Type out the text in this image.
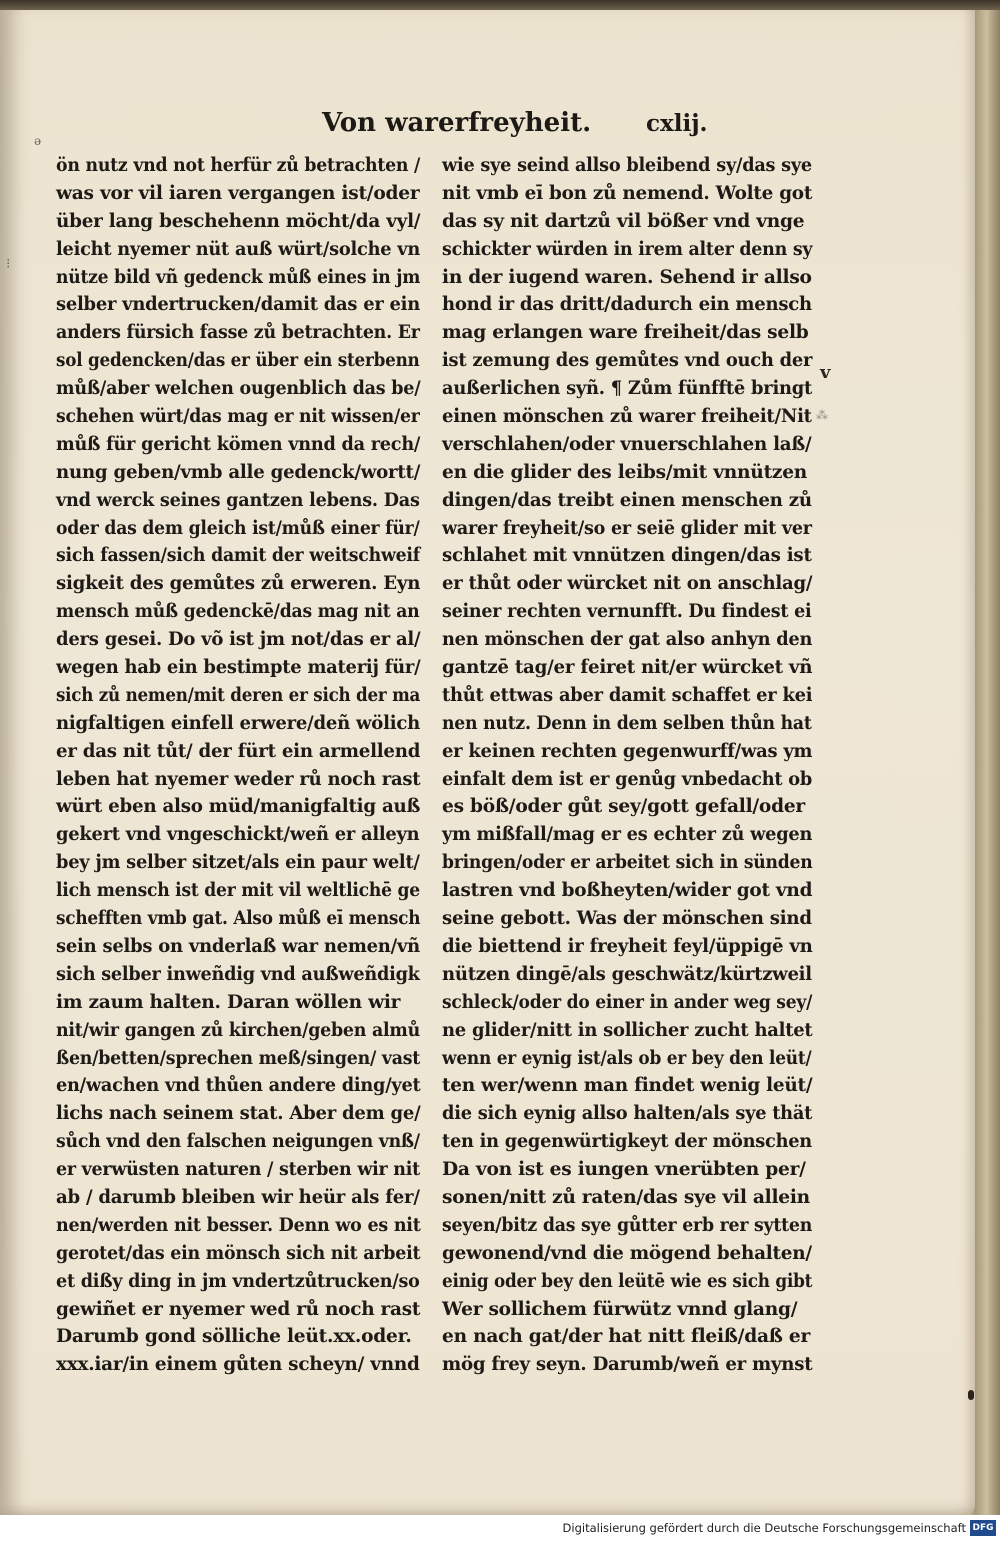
Von warerfreyheit. cxlij.
ə
⁝
v
⁂
ön nutz vnd not herfür zů betrachten /
was vor vil iaren vergangen ist/oder
über lang beschehenn möcht/da vyl/
leicht nyemer nüt auß würt/solche vn
nütze bild vñ gedenck můß eines in jm
selber vndertrucken/damit das er ein
anders fürsich fasse zů betrachten. Er
sol gedencken/das er über ein sterbenn
můß/aber welchen ougenblich das be/
schehen würt/das mag er nit wissen/er
můß für gericht kömen vnnd da rech/
nung geben/vmb alle gedenck/wortt/
vnd werck seines gantzen lebens. Das
oder das dem gleich ist/můß einer für/
sich fassen/sich damit der weitschweif
sigkeit des gemůtes zů erweren. Eyn
mensch můß gedenckē/das mag nit an
ders gesei. Do võ ist jm not/das er al/
wegen hab ein bestimpte materij für/
sich zů nemen/mit deren er sich der ma
nigfaltigen einfell erwere/deñ wölich
er das nit tůt/ der fürt ein armellend
leben hat nyemer weder rů noch rast
würt eben also müd/manigfaltig auß
gekert vnd vngeschickt/weñ er alleyn
bey jm selber sitzet/als ein paur welt/
lich mensch ist der mit vil weltlichē ge
schefften vmb gat. Also můß eī mensch
sein selbs on vnderlaß war nemen/vñ
sich selber inweñdig vnd außweñdigk
im zaum halten. Daran wöllen wir
nit/wir gangen zů kirchen/geben almů
ßen/betten/sprechen meß/singen/ vast
en/wachen vnd thůen andere ding/yet
lichs nach seinem stat. Aber dem ge/
sůch vnd den falschen neigungen vnß/
er verwüsten naturen / sterben wir nit
ab / darumb bleiben wir heür als fer/
nen/werden nit besser. Denn wo es nit
gerotet/das ein mönsch sich nit arbeit
et dißy ding in jm vndertzůtrucken/so
gewiñet er nyemer wed rů noch rast
Darumb gond sölliche leüt.xx.oder.
xxx.iar/in einem gůten scheyn/ vnnd
wie sye seind allso bleibend sy/das sye
nit vmb eī bon zů nemend. Wolte got
das sy nit dartzů vil bößer vnd vnge
schickter würden in irem alter denn sy
in der iugend waren. Sehend ir allso
hond ir das dritt/dadurch ein mensch
mag erlangen ware freiheit/das selb
ist zemung des gemůtes vnd ouch der
außerlichen syñ. ¶ Zům fünfftē bringt
einen mönschen zů warer freiheit/Nit
verschlahen/oder vnuerschlahen laß/
en die glider des leibs/mit vnnützen
dingen/das treibt einen menschen zů
warer freyheit/so er seiē glider mit ver
schlahet mit vnnützen dingen/das ist
er thůt oder würcket nit on anschlag/
seiner rechten vernunfft. Du findest ei
nen mönschen der gat also anhyn den
gantzē tag/er feiret nit/er würcket vñ
thůt ettwas aber damit schaffet er kei
nen nutz. Denn in dem selben thůn hat
er keinen rechten gegenwurff/was ym
einfalt dem ist er genůg vnbedacht ob
es böß/oder gůt sey/gott gefall/oder
ym mißfall/mag er es echter zů wegen
bringen/oder er arbeitet sich in sünden
lastren vnd boßheyten/wider got vnd
seine gebott. Was der mönschen sind
die biettend ir freyheit feyl/üppigē vn
nützen dingē/als geschwätz/kürtzweil
schleck/oder do einer in ander weg sey/
ne glider/nitt in sollicher zucht haltet
wenn er eynig ist/als ob er bey den leüt/
ten wer/wenn man findet wenig leüt/
die sich eynig allso halten/als sye thät
ten in gegenwürtigkeyt der mönschen
Da von ist es iungen vnerübten per/
sonen/nitt zů raten/das sye vil allein
seyen/bitz das sye gůtter erb rer sytten
gewonend/vnd die mögend behalten/
einig oder bey den leütē wie es sich gibt
Wer sollichem fürwütz vnnd glang/
en nach gat/der hat nitt fleiß/daß er
mög frey seyn. Darumb/weñ er mynst
Digitalisierung gefördert durch die Deutsche Forschungsgemeinschaft DFG
